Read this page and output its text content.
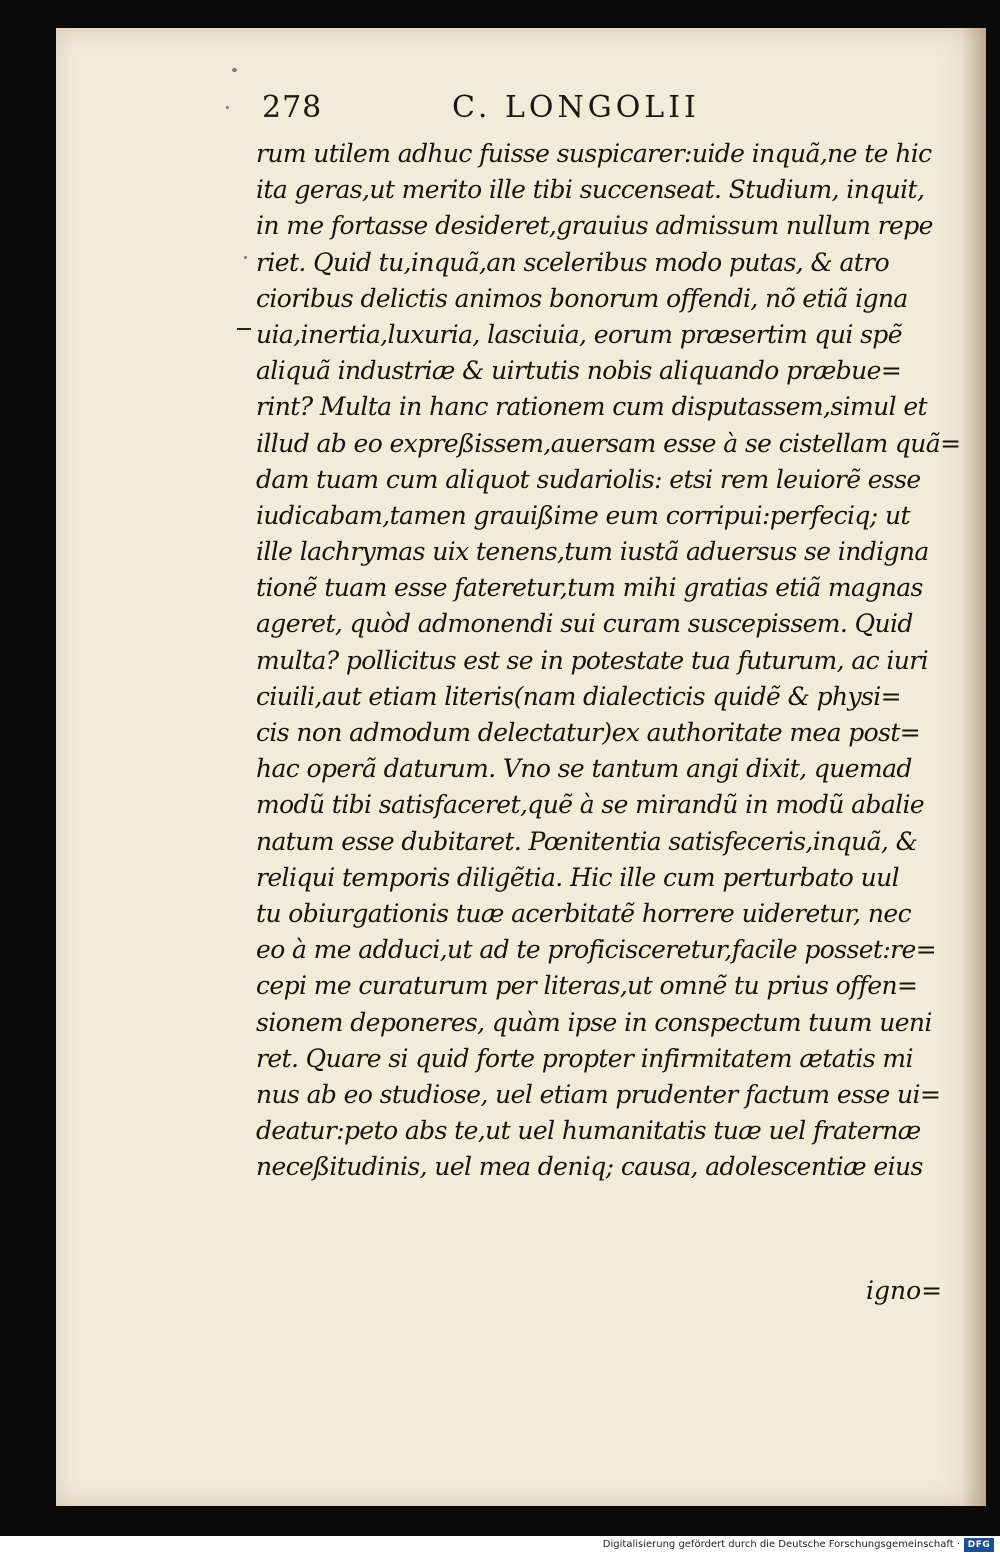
278	C. LONGOLII
rum utilem adhuc fuisse suspicarer:uide inquã,ne te hic
ita geras,ut merito ille tibi succenseat. Studium, inquit,
in me fortasse desideret,grauius admissum nullum repe
riet. Quid tu,inquã,an sceleribus modo putas, & atro
cioribus delictis animos bonorum offendi, nõ etiã igna
uia,inertia,luxuria, lasciuia, eorum præsertim qui spẽ
aliquã industriæ & uirtutis nobis aliquando præbue=
rint? Multa in hanc rationem cum disputassem,simul et
illud ab eo expreßissem,auersam esse à se cistellam quã=
dam tuam cum aliquot sudariolis: etsi rem leuiorẽ esse
iudicabam,tamen grauißime eum corripui:perfeciq; ut
ille lachrymas uix tenens,tum iustã aduersus se indigna
tionẽ tuam esse fateretur,tum mihi gratias etiã magnas
ageret, quòd admonendi sui curam suscepissem. Quid
multa? pollicitus est se in potestate tua futurum, ac iuri
ciuili,aut etiam literis(nam dialecticis quidẽ & physi=
cis non admodum delectatur)ex authoritate mea post=
hac operã daturum. Vno se tantum angi dixit, quemad
modũ tibi satisfaceret,quẽ à se mirandũ in modũ abalie
natum esse dubitaret. Pœnitentia satisfeceris,inquã, &
reliqui temporis diligẽtia. Hic ille cum perturbato uul
tu obiurgationis tuæ acerbitatẽ horrere uideretur, nec
eo à me adduci,ut ad te proficisceretur,facile posset:re=
cepi me curaturum per literas,ut omnẽ tu prius offen=
sionem deponeres, quàm ipse in conspectum tuum ueni
ret. Quare si quid forte propter infirmitatem ætatis mi
nus ab eo studiose, uel etiam prudenter factum esse ui=
deatur:peto abs te,ut uel humanitatis tuæ uel fraternæ
neceßitudinis, uel mea deniq; causa, adolescentiæ eius
igno=
Digitalisierung gefördert durch die Deutsche Forschungsgemeinschaft · DFG
